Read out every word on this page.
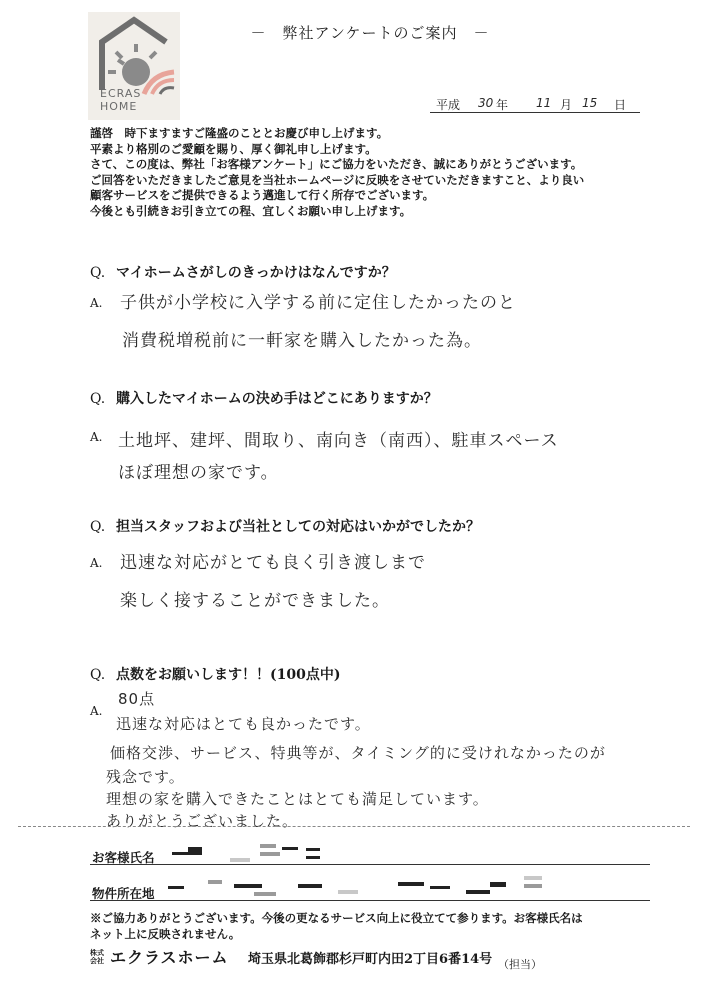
ECRAS
HOME
－　弊社アンケートのご案内　－
平成 30 年 11 月 15 日
謹啓　時下ますますご隆盛のこととお慶び申し上げます。
平素より格別のご愛顧を賜り、厚く御礼申し上げます。
さて、この度は、弊社「お客様アンケート」にご協力をいただき、誠にありがとうございます。
ご回答をいただきましたご意見を当社ホームページに反映をさせていただきますこと、より良い
顧客サービスをご提供できるよう邁進して行く所存でございます。
今後とも引続きお引き立ての程、宜しくお願い申し上げます。
Q. マイホームさがしのきっかけはなんですか？
A. 子供が小学校に入学する前に定住したかったのと
消費税増税前に一軒家を購入したかった為。
Q. 購入したマイホームの決め手はどこにありますか？
A. 土地坪、建坪、間取り、南向き（南西）、駐車スペース
ほぼ理想の家です。
Q. 担当スタッフおよび当社としての対応はいかがでしたか？
A. 迅速な対応がとても良く引き渡しまで
楽しく接することができました。
Q. 点数をお願いします！！(100点中)
A.
80点
迅速な対応はとても良かったです。
価格交渉、サービス、特典等が、タイミング的に受けれなかったのが
残念です。
理想の家を購入できたことはとても満足しています。
ありがとうございました。
お客様氏名
物件所在地
※ご協力ありがとうございます。今後の更なるサービス向上に役立てて参ります。お客様氏名は
ネット上に反映されません。
株式
会社 エクラスホーム 埼玉県北葛飾郡杉戸町内田2丁目6番14号 （担当）
